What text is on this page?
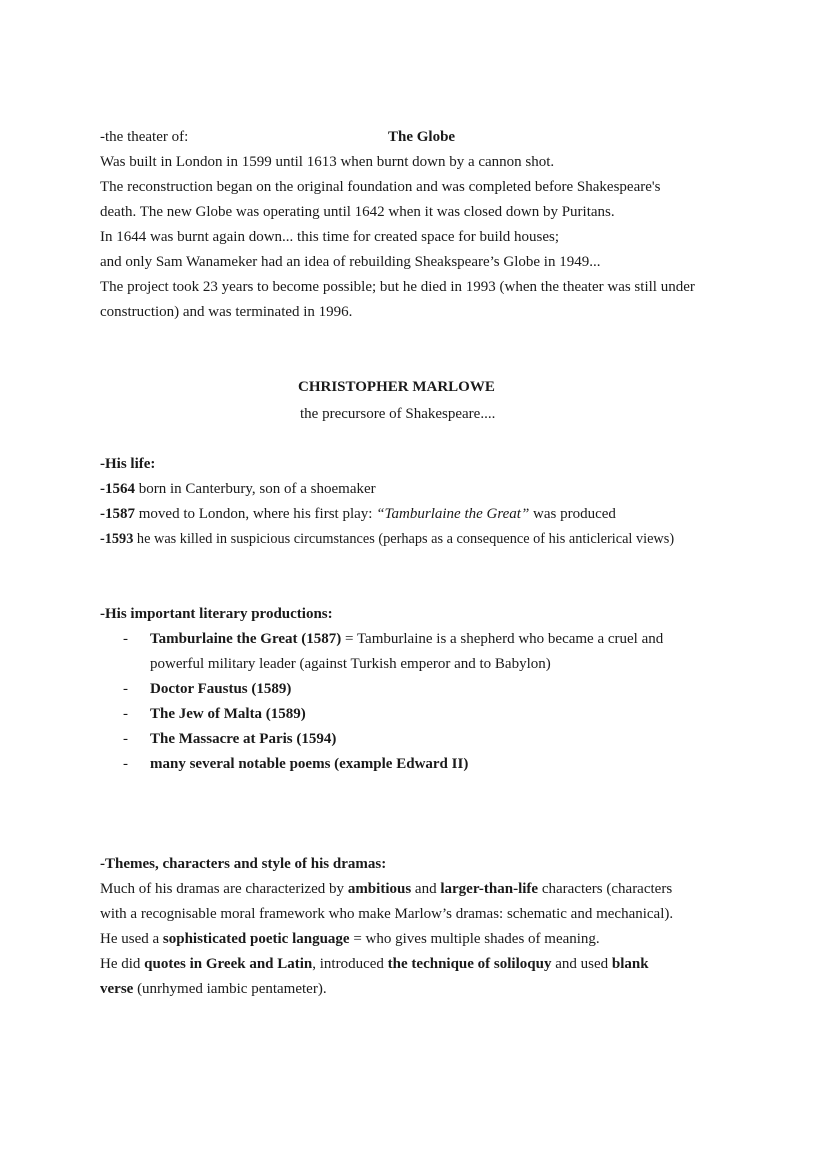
-the theater of:	The Globe
Was built in London in 1599 until 1613 when burnt down by a cannon shot.
The reconstruction began on the original foundation and was completed before Shakespeare's
death. The new Globe was operating until 1642 when it was closed down by Puritans.
In 1644 was burnt again down... this time for created space for build houses;
and only Sam Wanameker had an idea of rebuilding Sheakspeare’s Globe in 1949...
The project took 23 years to become possible; but he died in 1993 (when the theater was still under
construction) and was terminated in 1996.
CHRISTOPHER MARLOWE
the precursore of Shakespeare....
-His life:
-1564 born in Canterbury, son of a shoemaker
-1587 moved to London, where his first play: “Tamburlaine the Great” was produced
-1593 he was killed in suspicious circumstances (perhaps as a consequence of his anticlerical views)
-His important literary productions:
-	Tamburlaine the Great (1587) = Tamburlaine is a shepherd who became a cruel and
powerful military leader (against Turkish emperor and to Babylon)
-	Doctor Faustus (1589)
-	The Jew of Malta (1589)
-	The Massacre at Paris (1594)
-	many several notable poems (example Edward II)
-Themes, characters and style of his dramas:
Much of his dramas are characterized by ambitious and larger-than-life characters (characters
with a recognisable moral framework who make Marlow’s dramas: schematic and mechanical).
He used a sophisticated poetic language = who gives multiple shades of meaning.
He did quotes in Greek and Latin, introduced the technique of soliloquy and used blank
verse (unrhymed iambic pentameter).
